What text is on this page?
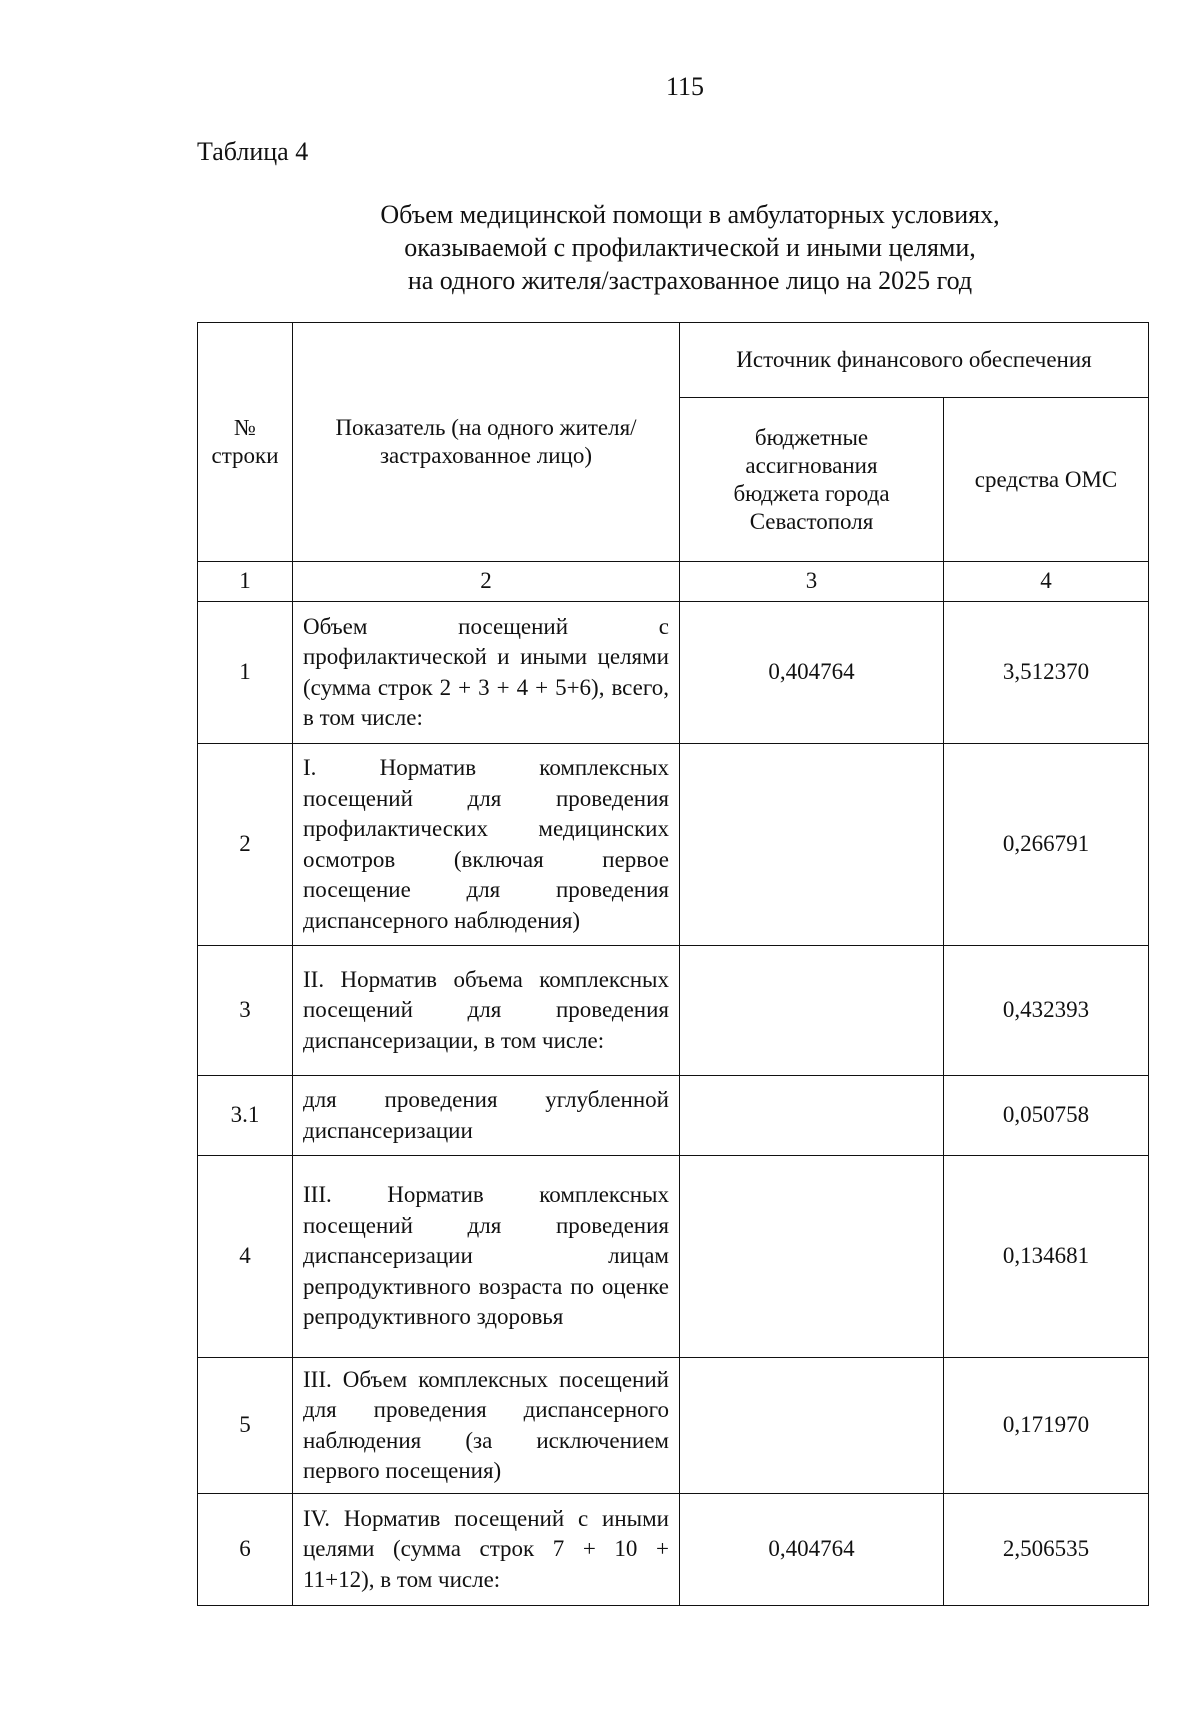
115
Таблица 4
Объем медицинской помощи в амбулаторных условиях,
оказываемой с профилактической и иными целями,
на одного жителя/застрахованное лицо на 2025 год
№ строки	Показатель (на одного жителя/застрахованное лицо)	Источник финансового обеспечения	
		бюджетные ассигнования бюджета города Севастополя	средства ОМС
1	2	3	4
1	Объем посещений с профилактической и иными целями (сумма строк 2 + 3 + 4 + 5+6), всего, в том числе:	0,404764	3,512370
2	I. Норматив комплексных посещений для проведения профилактических медицинских осмотров (включая первое посещение для проведения диспансерного наблюдения)		0,266791
3	II. Норматив объема комплексных посещений для проведения диспансеризации, в том числе:		0,432393
3.1	для проведения углубленной диспансеризации		0,050758
4	III. Норматив комплексных посещений для проведения диспансеризации лицам репродуктивного возраста по оценке репродуктивного здоровья		0,134681
5	III. Объем комплексных посещений для проведения диспансерного наблюдения (за исключением первого посещения)		0,171970
6	IV. Норматив посещений с иными целями (сумма строк 7 + 10 + 11+12), в том числе:	0,404764	2,506535
